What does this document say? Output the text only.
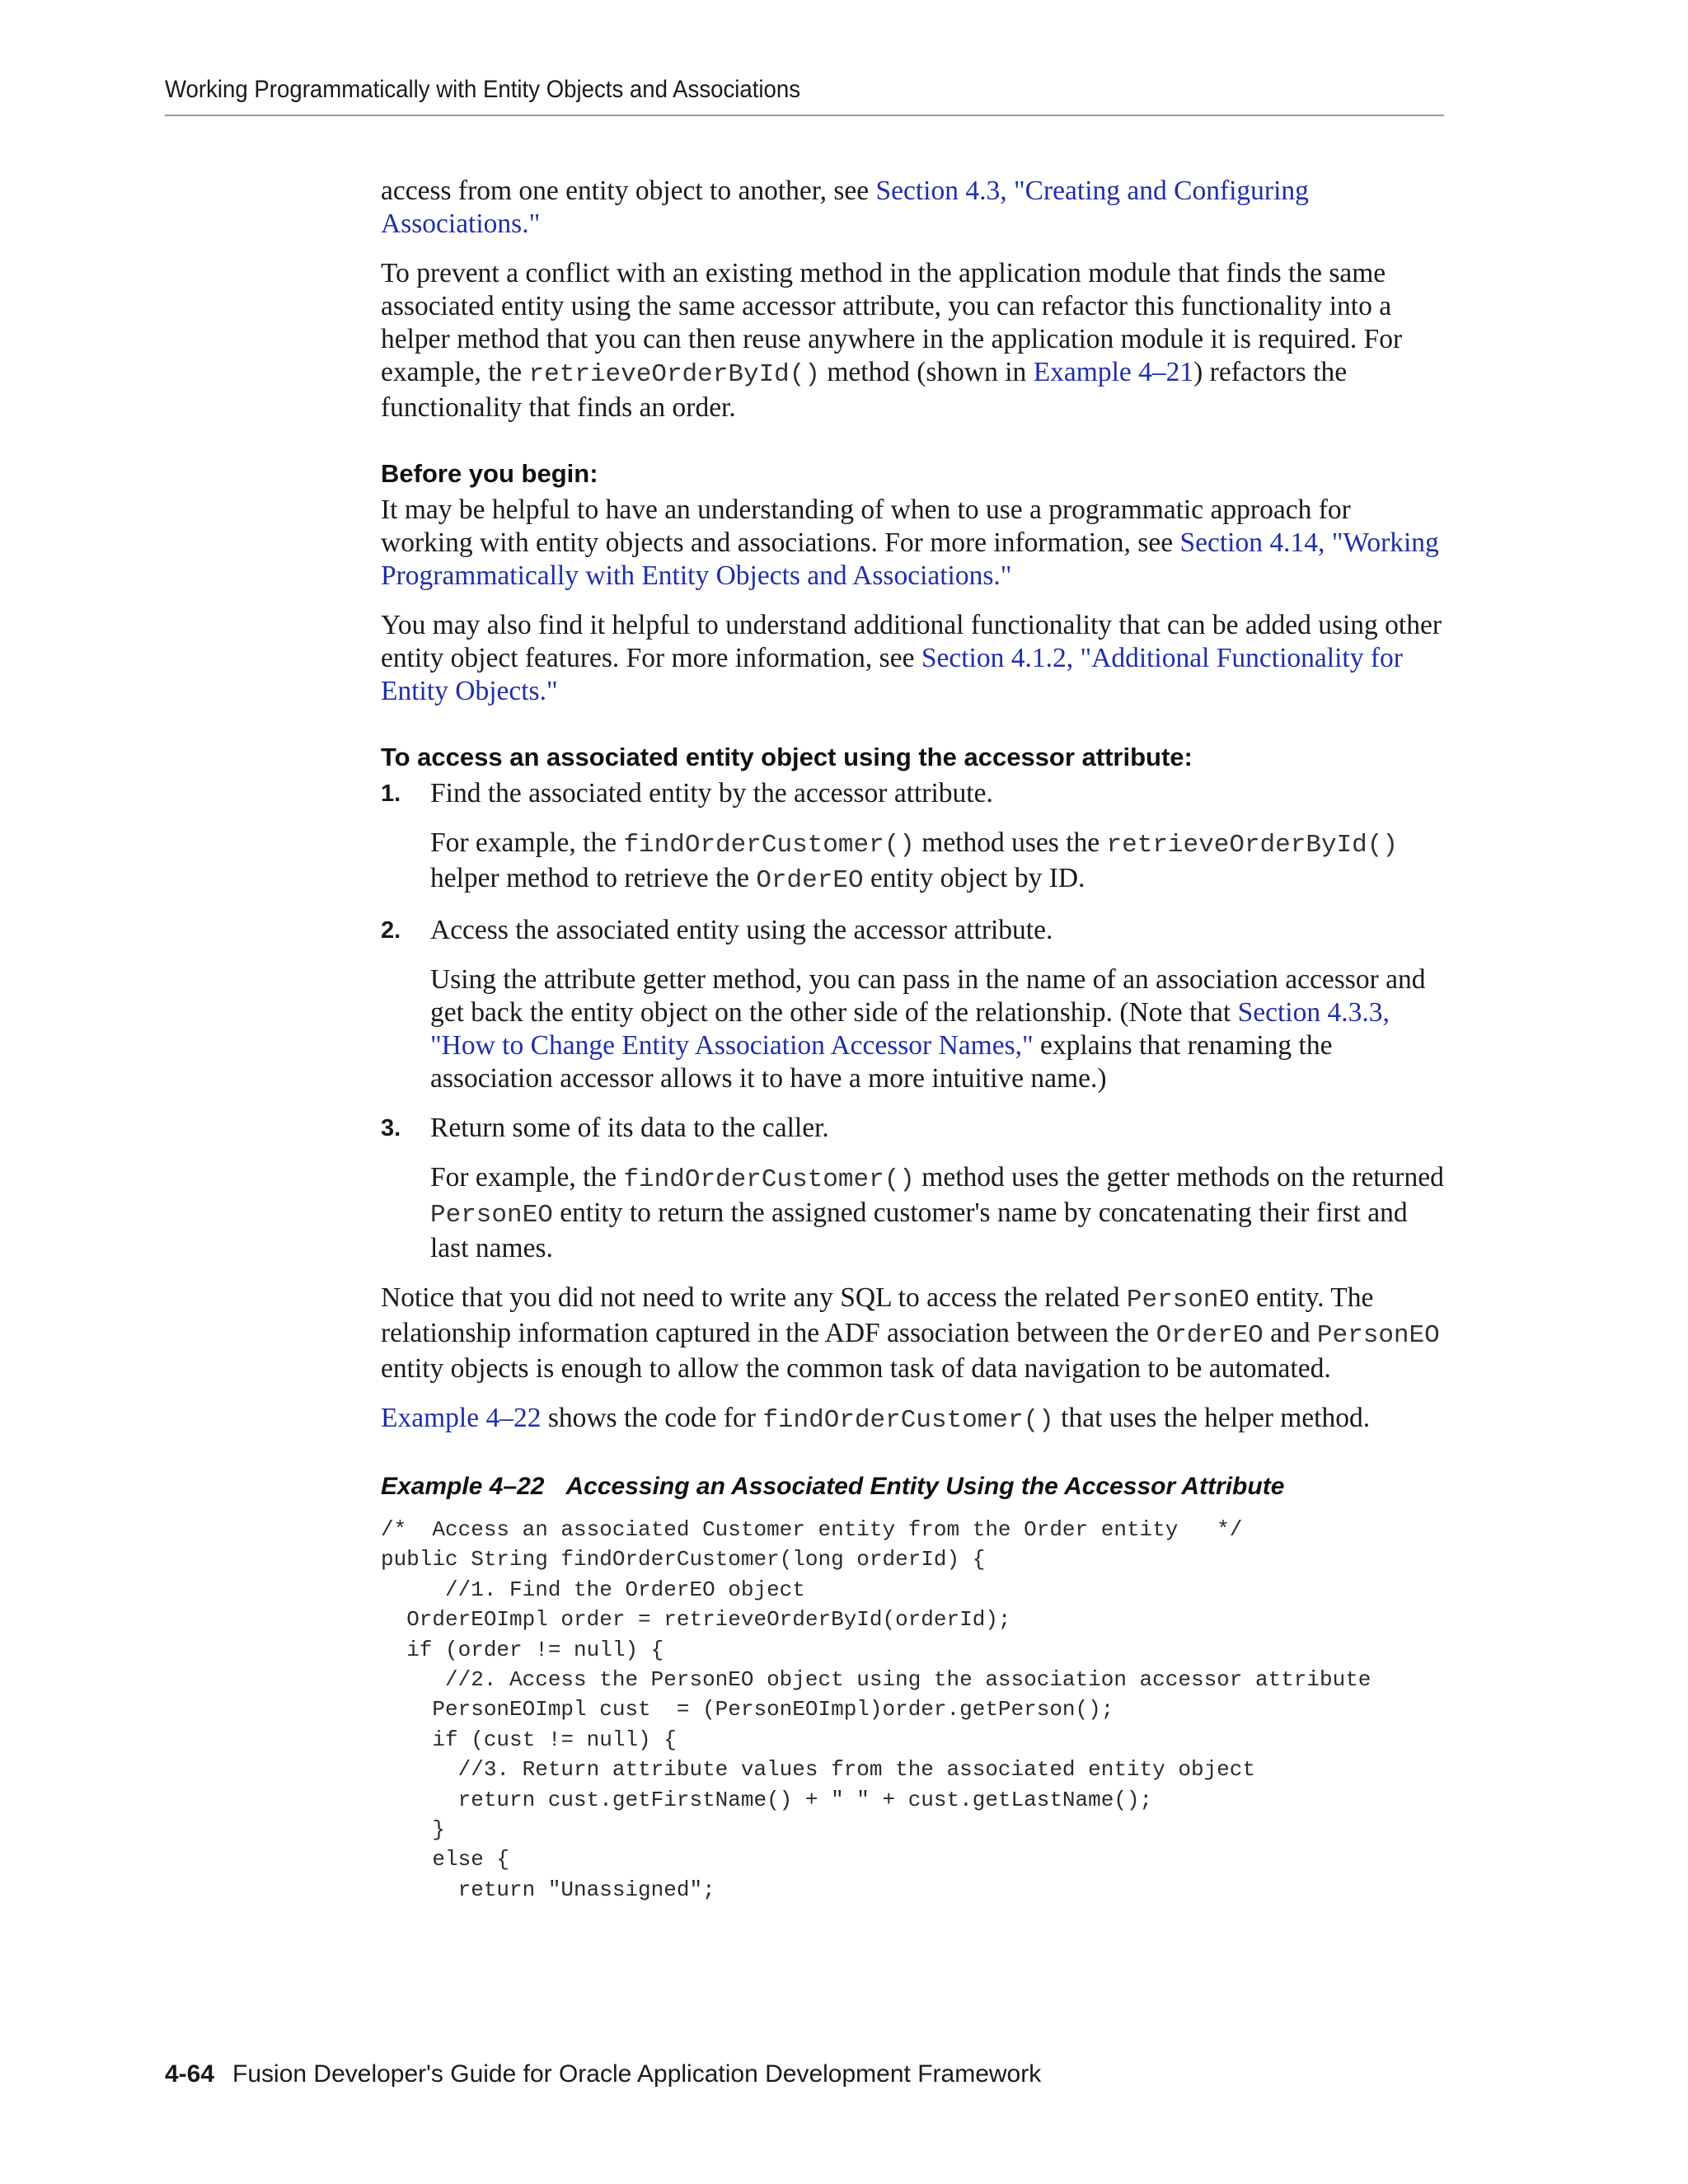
Working Programmatically with Entity Objects and Associations

access from one entity object to another, see Section 4.3, "Creating and Configuring Associations."

To prevent a conflict with an existing method in the application module that finds the same associated entity using the same accessor attribute, you can refactor this functionality into a helper method that you can then reuse anywhere in the application module it is required. For example, the retrieveOrderById() method (shown in Example 4–21) refactors the functionality that finds an order.

Before you begin:

It may be helpful to have an understanding of when to use a programmatic approach for working with entity objects and associations. For more information, see Section 4.14, "Working Programmatically with Entity Objects and Associations."

You may also find it helpful to understand additional functionality that can be added using other entity object features. For more information, see Section 4.1.2, "Additional Functionality for Entity Objects."

To access an associated entity object using the accessor attribute:
1. Find the associated entity by the accessor attribute.

For example, the findOrderCustomer() method uses the retrieveOrderById() helper method to retrieve the OrderEO entity object by ID.

2. Access the associated entity using the accessor attribute.

Using the attribute getter method, you can pass in the name of an association accessor and get back the entity object on the other side of the relationship. (Note that Section 4.3.3, "How to Change Entity Association Accessor Names," explains that renaming the association accessor allows it to have a more intuitive name.)

3. Return some of its data to the caller.

For example, the findOrderCustomer() method uses the getter methods on the returned PersonEO entity to return the assigned customer's name by concatenating their first and last names.

Notice that you did not need to write any SQL to access the related PersonEO entity. The relationship information captured in the ADF association between the OrderEO and PersonEO entity objects is enough to allow the common task of data navigation to be automated.

Example 4–22 shows the code for findOrderCustomer() that uses the helper method.

Example 4–22 Accessing an Associated Entity Using the Accessor Attribute
/*  Access an associated Customer entity from the Order entity   */
public String findOrderCustomer(long orderId) {
//1. Find the OrderEO object
OrderEOImpl order = retrieveOrderById(orderId);
if (order != null) {
//2. Access the PersonEO object using the association accessor attribute
PersonEOImpl cust  = (PersonEOImpl)order.getPerson();
if (cust != null) {
//3. Return attribute values from the associated entity object
return cust.getFirstName() + " " + cust.getLastName();
}
else {
return "Unassigned";
4-64 Fusion Developer's Guide for Oracle Application Development Framework
